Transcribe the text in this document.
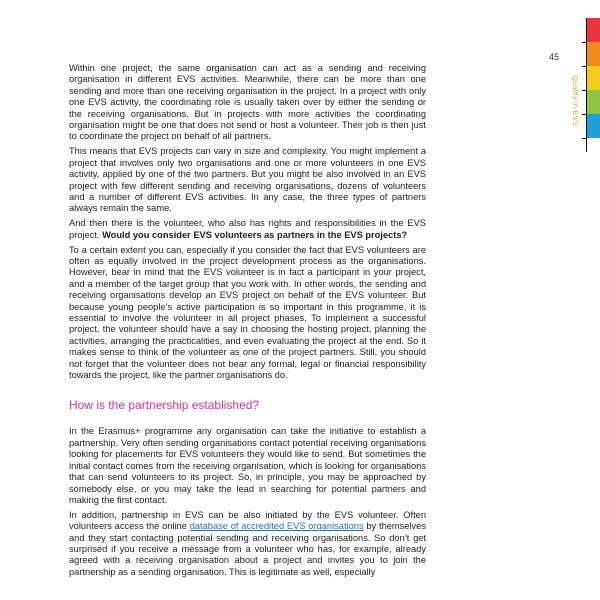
45
Quality in EVS

Within one project, the same organisation can act as a sending and receiving organisation in different EVS activities. Meanwhile, there can be more than one sending and more than one receiving organisation in the project. In a project with only one EVS activity, the coordinating role is usually taken over by either the sending or the receiving organisations. But in projects with more activities the coordinating organisation might be one that does not send or host a volunteer. Their job is then just to coordinate the project on behalf of all partners.

This means that EVS projects can vary in size and complexity. You might implement a project that involves only two organisations and one or more volunteers in one EVS activity, applied by one of the two partners. But you might be also involved in an EVS project with few different sending and receiving organisations, dozens of volunteers and a number of different EVS activities. In any case, the three types of partners always remain the same.

And then there is the volunteer, who also has rights and responsibilities in the EVS project. Would you consider EVS volunteers as partners in the EVS projects?

To a certain extent you can, especially if you consider the fact that EVS volunteers are often as equally involved in the project development process as the organisations. However, bear in mind that the EVS volunteer is in fact a participant in your project, and a member of the target group that you work with. In other words, the sending and receiving organisations develop an EVS project on behalf of the EVS volunteer. But because young people’s active participation is so important in this programme, it is essential to involve the volunteer in all project phases. To implement a successful project, the volunteer should have a say in choosing the hosting project, planning the activities, arranging the practicalities, and even evaluating the project at the end. So it makes sense to think of the volunteer as one of the project partners. Still, you should not forget that the volunteer does not bear any formal, legal or financial responsibility towards the project, like the partner organisations do.

How is the partnership established?

In the Erasmus+ programme any organisation can take the initiative to establish a partnership. Very often sending organisations contact potential receiving organisations looking for placements for EVS volunteers they would like to send. But sometimes the initial contact comes from the receiving organisation, which is looking for organisations that can send volunteers to its project. So, in principle, you may be approached by somebody else, or you may take the lead in searching for potential partners and making the first contact.

In addition, partnership in EVS can be also initiated by the EVS volunteer. Often volunteers access the online database of accredited EVS organisations by themselves and they start contacting potential sending and receiving organisations. So don’t get surprised if you receive a message from a volunteer who has, for example, already agreed with a receiving organisation about a project and invites you to join the partnership as a sending organisation. This is legitimate as well, especially
